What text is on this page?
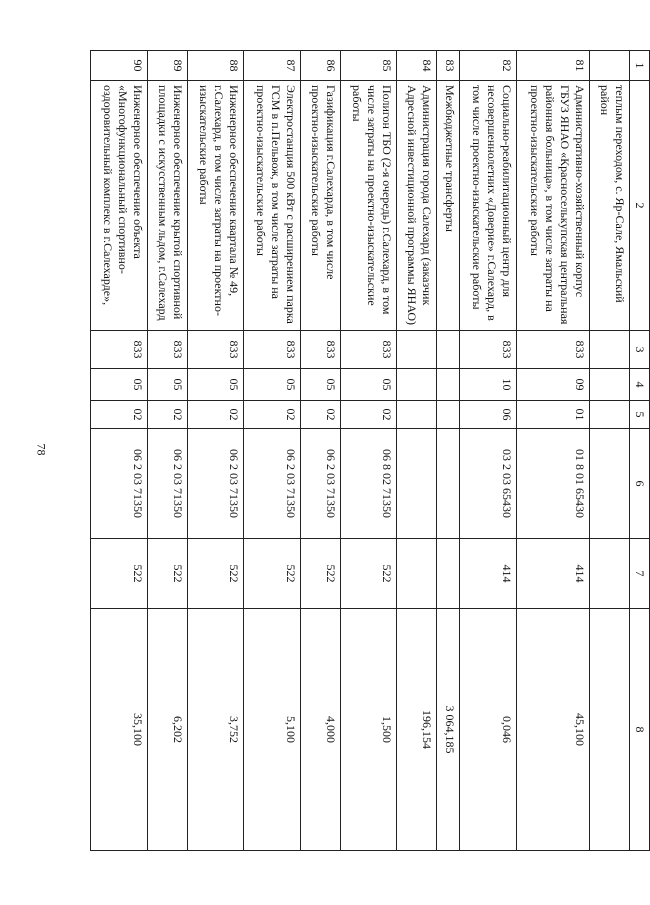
78
1	2	3	4	5	6	7	8
	теплым переходом, с. Яр-Сале, Ямальский район						
81	Административно-хозяйственный корпус ГБУЗ ЯНАО «Красноселькупская центральная районная больница», в том числе затраты на проектно-изыскательские работы	833	09	01	01 8 01 65430	414	45,100
82	Социально-реабилитационный центр для несовершеннолетних «Доверие» г.Салехард, в том числе проектно-изыскательские работы	833	10	06	03 2 03 65430	414	0,046
83	Межбюджетные трансферты						3 064,185
84	Администрация города Салехард (заказчик Адресной инвестиционной программы ЯНАО)						196,154
85	Полигон ТБО (2-я очередь) г.Салехард, в том числе затраты на проектно-изыскательские работы	833	05	02	06 8 02 71350	522	1,500
86	Газификация г.Салехарда, в том числе проектно-изыскательские работы	833	05	02	06 2 03 71350	522	4,000
87	Электростанция 500 кВт с расширением парка ГСМ в п.Пельвож, в том числе затраты на проектно-изыскательские работы	833	05	02	06 2 03 71350	522	5,100
88	Инженерное обеспечение квартала № 49, г.Салехард, в том числе затраты на проектно-изыскательские работы	833	05	02	06 2 03 71350	522	3,752
89	Инженерное обеспечение крытой спортивной площадки с искусственным льдом, г.Салехард	833	05	02	06 2 03 71350	522	6,202
90	Инженерное обеспечение объекта «Многофункциональный спортивно-оздоровительный комплекс в г.Салехарде»,	833	05	02	06 2 03 71350	522	35,100
